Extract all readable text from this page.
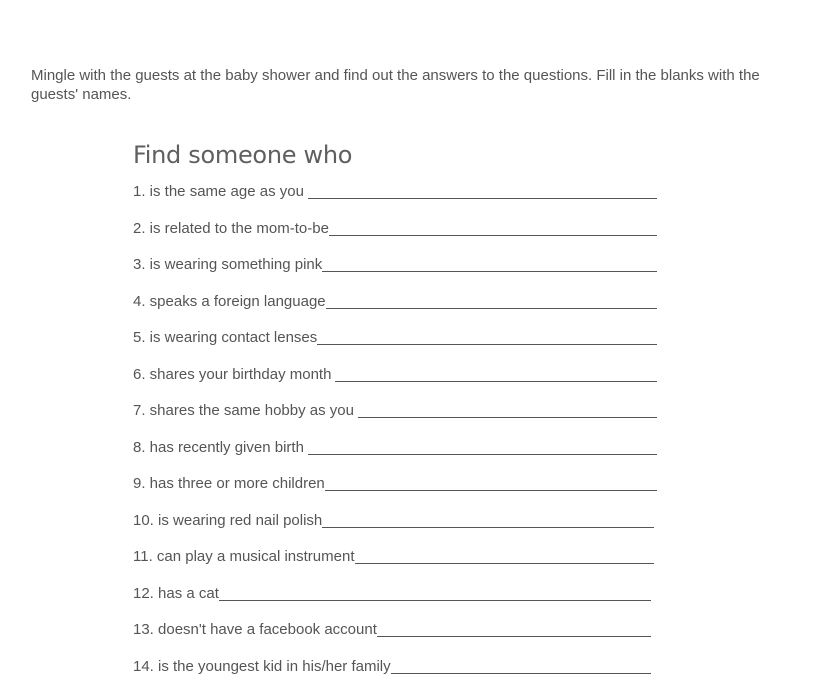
Mingle with the guests at the baby shower and find out the answers to the questions. Fill in the blanks with the guests' names.

Find someone who
1. is the same age as you
2. is related to the mom-to-be
3. is wearing something pink
4. speaks a foreign language
5. is wearing contact lenses
6. shares your birthday month
7. shares the same hobby as you
8. has recently given birth
9. has three or more children
10. is wearing red nail polish
11. can play a musical instrument
12. has a cat
13. doesn't have a facebook account
14. is the youngest kid in his/her family
